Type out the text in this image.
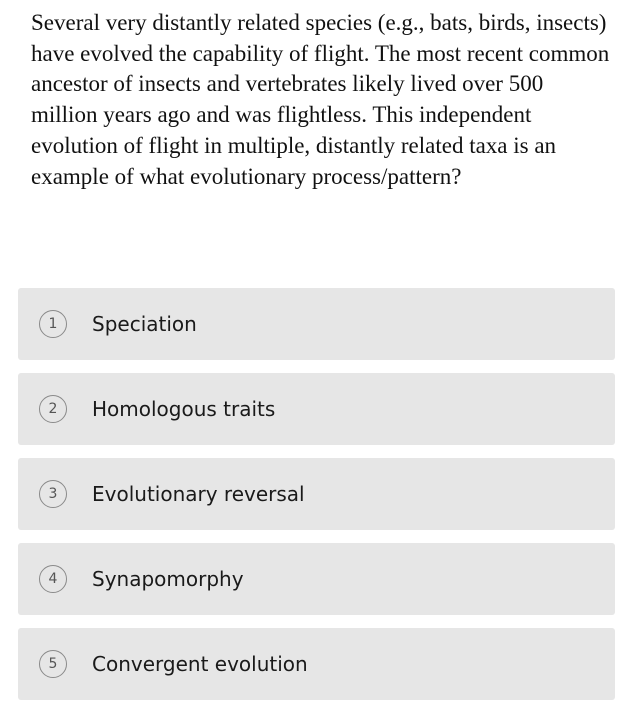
Several very distantly related species (e.g., bats, birds, insects) have evolved the capability of flight. The most recent common ancestor of insects and vertebrates likely lived over 500 million years ago and was flightless. This independent evolution of flight in multiple, distantly related taxa is an example of what evolutionary process/pattern?

1	Speciation
2	Homologous traits
3	Evolutionary reversal
4	Synapomorphy
5	Convergent evolution
